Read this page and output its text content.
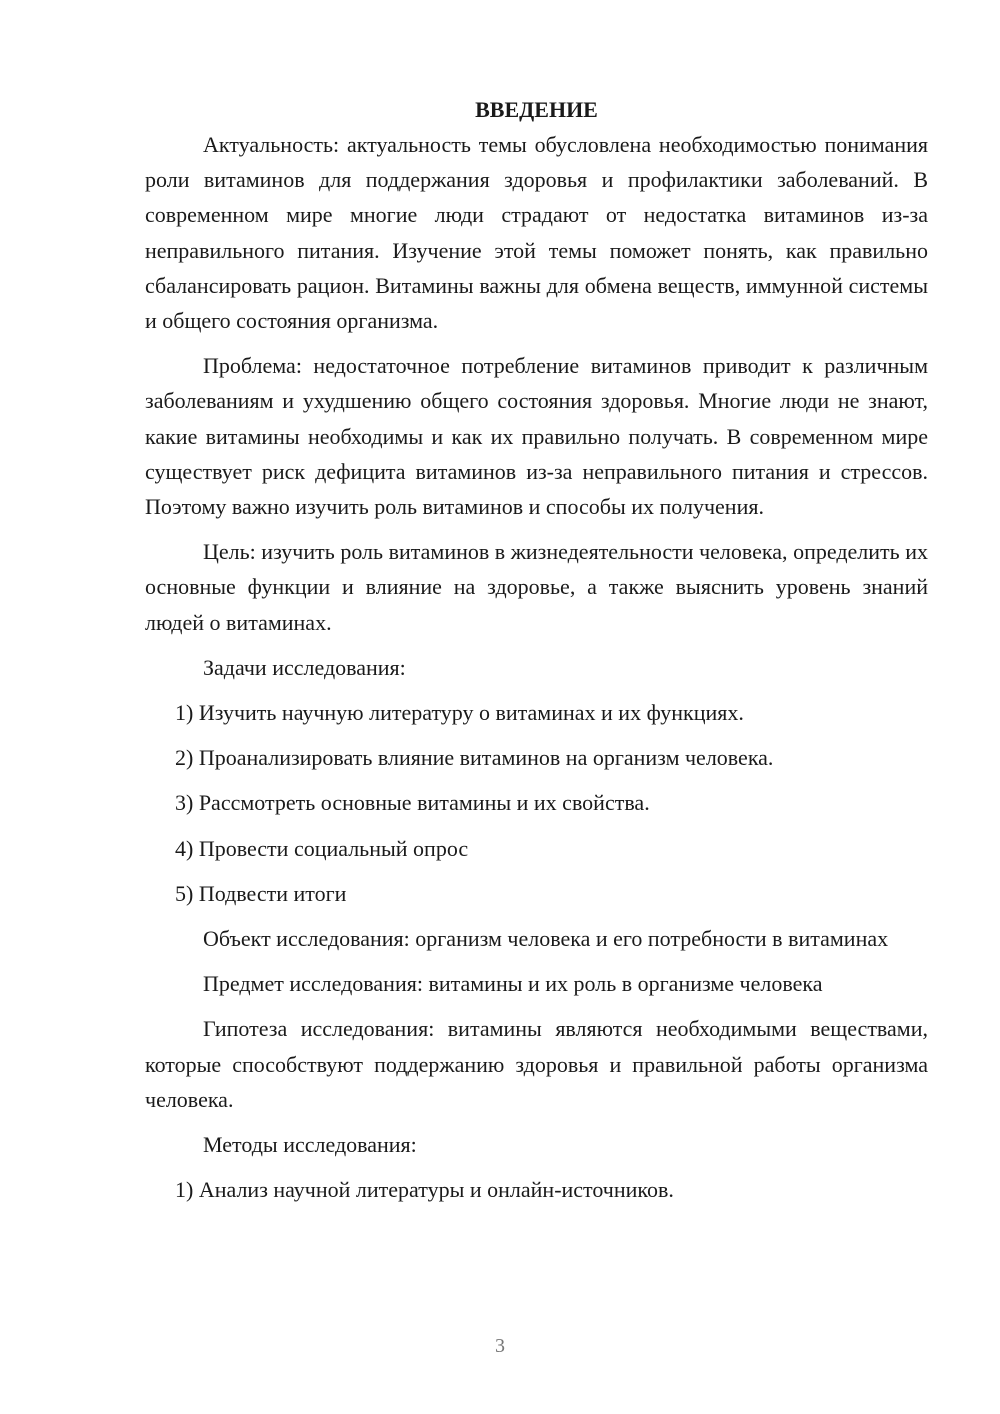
ВВЕДЕНИЕ

Актуальность: актуальность темы обусловлена необходимостью понимания роли витаминов для поддержания здоровья и профилактики заболеваний. В современном мире многие люди страдают от недостатка витаминов из-за неправильного питания. Изучение этой темы поможет понять, как правильно сбалансировать рацион. Витамины важны для обмена веществ, иммунной системы и общего состояния организма.

Проблема: недостаточное потребление витаминов приводит к различным заболеваниям и ухудшению общего состояния здоровья. Многие люди не знают, какие витамины необходимы и как их правильно получать. В современном мире существует риск дефицита витаминов из-за неправильного питания и стрессов. Поэтому важно изучить роль витаминов и способы их получения.

Цель: изучить роль витаминов в жизнедеятельности человека, определить их основные функции и влияние на здоровье, а также выяснить уровень знаний людей о витаминах.

Задачи исследования:

1) Изучить научную литературу о витаминах и их функциях.

2) Проанализировать влияние витаминов на организм человека.

3) Рассмотреть основные витамины и их свойства.

4) Провести социальный опрос

5) Подвести итоги

Объект исследования: организм человека и его потребности в витаминах

Предмет исследования: витамины и их роль в организме человека

Гипотеза исследования: витамины являются необходимыми веществами, которые способствуют поддержанию здоровья и правильной работы организма человека.

Методы исследования:

1) Анализ научной литературы и онлайн-источников.

3
